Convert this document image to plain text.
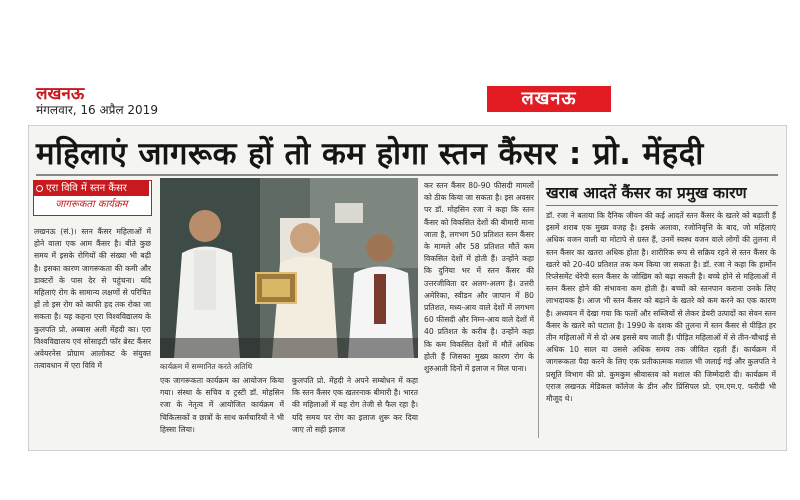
लखनऊ
मंगलवार, 16 अप्रैल 2019
लखनऊ
महिलाएं जागरूक हों तो कम होगा स्तन कैंसर : प्रो. मेंहदी
एरा विवि में स्तन कैंसर
जागरूकता कार्यक्रम
लखनऊ (सं.)। स्तन कैंसर महिलाओं में होने वाला एक आम कैंसर है। बीते कुछ समय में इसके रोगियों की संख्या भी बढ़ी है। इसका कारण जागरूकता की कमी और डाक्टरों के पास देर से पहुंचना। यदि महिलाएं रोग के सामान्य लक्षणों से परिचित हों तो इस रोग को काफी हद तक रोका जा सकता है। यह कहना एरा विश्वविद्यालय के कुलपति प्रो. अब्बास अली मेंहदी का। एरा विश्वविद्यालय एवं सोसाइटी फॉर ब्रेस्ट कैंसर अवेयरनेस प्रोग्राम आलोकट के संयुक्त तत्वावधान में एरा विवि में	कार्यक्रम में सम्मानित करते अतिथि
एक जागरूकता कार्यक्रम का आयोजन किया गया। संस्था के सचिव व ट्रस्टी डॉ. मोहसिन रजा के नेतृत्व में आयोजित कार्यक्रम में चिकित्सकों व छात्रों के साथ कर्मचारियों ने भी हिस्सा लिया।
कुलपति प्रो. मेंहदी ने अपने सम्बोधन में कहा कि स्तन कैंसर एक खतरनाक बीमारी है। भारत की महिलाओं में यह रोग तेजी से फैल रहा है। यदि समय पर रोग का इलाज शुरू कर दिया जाए तो सही इलाज
कर स्तन कैंसर 80-90 फीसदी मामलों को ठीक किया जा सकता है। इस अवसर पर डॉ. मोहसिन रजा ने कहा कि स्तन कैंसर को विकसित देशों की बीमारी माना जाता है, लगभग 50 प्रतिशत स्तन कैंसर के मामले और 58 प्रतिशत मौतें कम विकसित देशों में होती हैं। उन्होंने कहा कि दुनिया भर में स्तन कैंसर की उत्तरजीविता दर अलग-अलग है। उत्तरी अमेरिका, स्वीडन और जापान में 80 प्रतिशत, मध्य-आय वाले देशों में लगभग 60 फीसदी और निम्न-आय वाले देशों में 40 प्रतिशत के करीब है। उन्होंने कहा कि कम विकसित देशों में मौतें अधिक होती हैं जिसका मुख्य कारण रोग के शुरुआती दिनों में इलाज न मिल पाना।
खराब आदतें कैंसर का प्रमुख कारण
डॉ. रजा ने बताया कि दैनिक जीवन की कई आदतें स्तन कैंसर के खतरे को बढ़ाती हैं इसमें शराब एक मुख्य वजह है। इसके अलावा, रजोनिवृत्ति के बाद, जो महिलाएं अधिक वजन वाली या मोटापे से ग्रस्त हैं, उनमें स्वस्थ वजन वाले लोगों की तुलना में स्तन कैंसर का खतरा अधिक होता है। शारीरिक रूप से सक्रिय रहने से स्तन कैंसर के खतरे को 20-40 प्रतिशत तक कम किया जा सकता है। डॉ. रजा ने कहा कि हार्मोन रिप्लेसमेंट थेरेपी स्तन कैंसर के जोखिम को बढ़ा सकती है। बच्चे होने से महिलाओं में स्तन कैंसर होने की संभावना कम होती है। बच्चों को स्तनपान कराना उनके लिए लाभदायक है। आज भी स्तन कैंसर को बढ़ाने के खतरे को कम करने का एक कारण है। अध्ययन में देखा गया कि फलों और सब्जियों से लेकर डेयरी उत्पादों का सेवन स्तन कैंसर के खतरे को घटाता है। 1990 के दशक की तुलना में स्तन कैंसर से पीड़ित हर तीन महिलाओं में से दो अब इससे बच जाती हैं। पीड़ित महिलाओं में से तीन-चौथाई से अधिक 10 साल या उससे अधिक समय तक जीवित रहती हैं। कार्यक्रम में जागरूकता पैदा करने के लिए एक प्रतीकात्मक मशाल भी जलाई गई और कुलपति ने प्रसूति विभाग की प्रो. कुमकुम श्रीवास्तव को मशाल की जिम्मेदारी दी। कार्यक्रम में एराज लखनऊ मेडिकल कॉलेज के डीन और प्रिंसिपल प्रो. एम.एम.ए. फरीदी भी मौजूद थे।
